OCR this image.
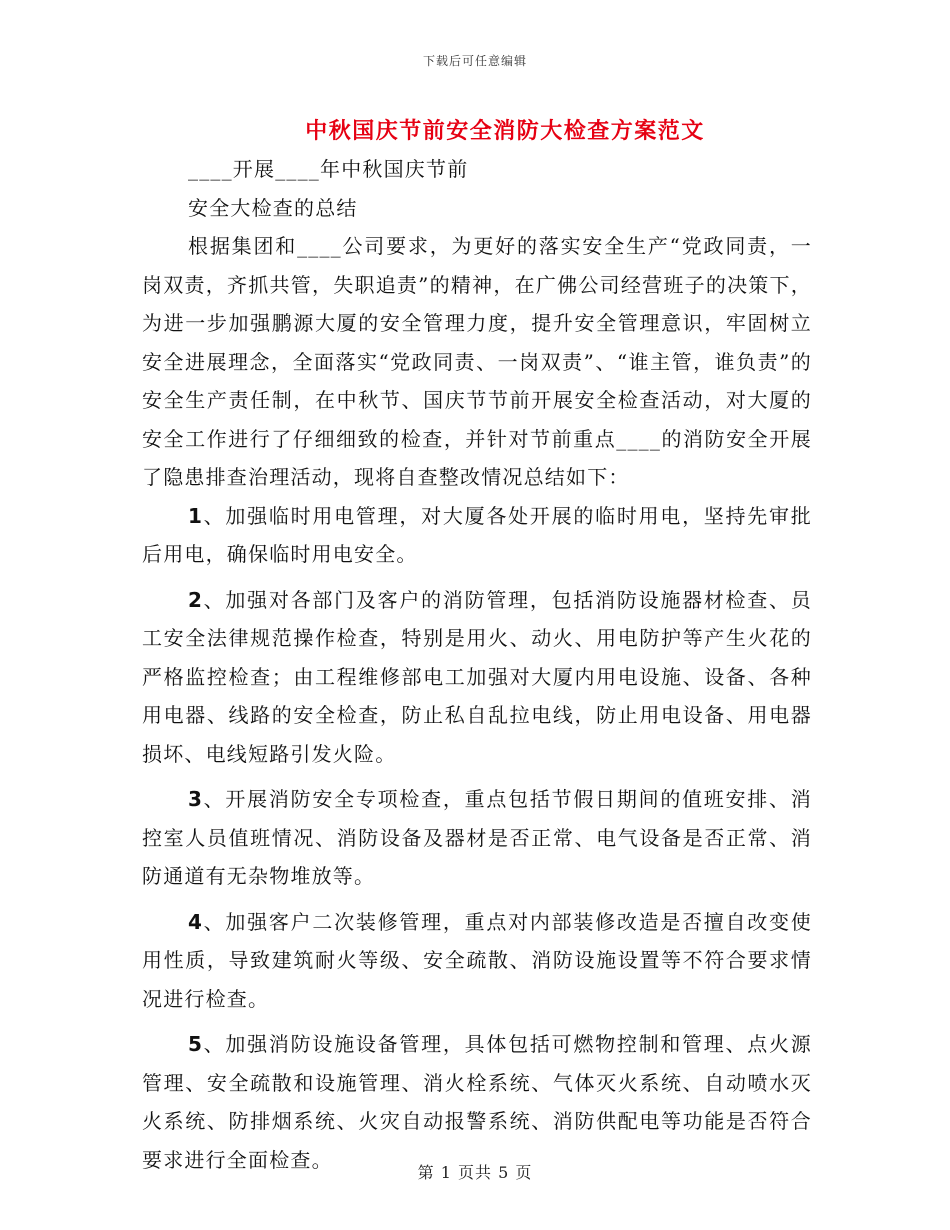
下载后可任意编辑
中秋国庆节前安全消防大检查方案范文

____开展____年中秋国庆节前

安全大检查的总结

根据集团和____公司要求，为更好的落实安全生产“党政同责，一岗双责，齐抓共管，失职追责”的精神，在广佛公司经营班子的决策下，为进一步加强鹏源大厦的安全管理力度，提升安全管理意识，牢固树立安全进展理念，全面落实“党政同责、一岗双责”、“谁主管，谁负责”的安全生产责任制，在中秋节、国庆节节前开展安全检查活动，对大厦的安全工作进行了仔细细致的检查，并针对节前重点____的消防安全开展了隐患排查治理活动，现将自查整改情况总结如下：

1、加强临时用电管理，对大厦各处开展的临时用电，坚持先审批后用电，确保临时用电安全。

2、加强对各部门及客户的消防管理，包括消防设施器材检查、员工安全法律规范操作检查，特别是用火、动火、用电防护等产生火花的严格监控检查；由工程维修部电工加强对大厦内用电设施、设备、各种用电器、线路的安全检查，防止私自乱拉电线，防止用电设备、用电器损坏、电线短路引发火险。

3、开展消防安全专项检查，重点包括节假日期间的值班安排、消控室人员值班情况、消防设备及器材是否正常、电气设备是否正常、消防通道有无杂物堆放等。

4、加强客户二次装修管理，重点对内部装修改造是否擅自改变使用性质，导致建筑耐火等级、安全疏散、消防设施设置等不符合要求情况进行检查。

5、加强消防设施设备管理，具体包括可燃物控制和管理、点火源管理、安全疏散和设施管理、消火栓系统、气体灭火系统、自动喷水灭火系统、防排烟系统、火灾自动报警系统、消防供配电等功能是否符合要求进行全面检查。

第 1 页共 5 页
